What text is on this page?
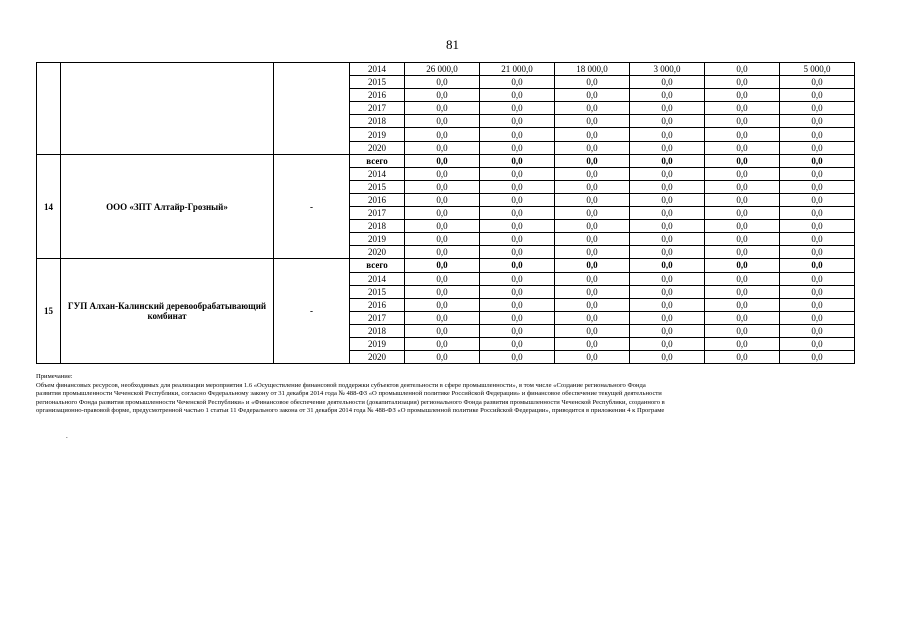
81
			2014	26 000,0	21 000,0	18 000,0	3 000,0	0,0	5 000,0
			2015	0,0	0,0	0,0	0,0	0,0	0,0
			2016	0,0	0,0	0,0	0,0	0,0	0,0
			2017	0,0	0,0	0,0	0,0	0,0	0,0
			2018	0,0	0,0	0,0	0,0	0,0	0,0
			2019	0,0	0,0	0,0	0,0	0,0	0,0
			2020	0,0	0,0	0,0	0,0	0,0	0,0
14	ООО «ЗПТ Алтайр-Грозный»	-	всего	0,0	0,0	0,0	0,0	0,0	0,0
			2014	0,0	0,0	0,0	0,0	0,0	0,0
			2015	0,0	0,0	0,0	0,0	0,0	0,0
			2016	0,0	0,0	0,0	0,0	0,0	0,0
			2017	0,0	0,0	0,0	0,0	0,0	0,0
			2018	0,0	0,0	0,0	0,0	0,0	0,0
			2019	0,0	0,0	0,0	0,0	0,0	0,0
			2020	0,0	0,0	0,0	0,0	0,0	0,0
15	ГУП Алхан-Калинский деревообрабатывающий комбинат	-	всего	0,0	0,0	0,0	0,0	0,0	0,0
			2014	0,0	0,0	0,0	0,0	0,0	0,0
			2015	0,0	0,0	0,0	0,0	0,0	0,0
			2016	0,0	0,0	0,0	0,0	0,0	0,0
			2017	0,0	0,0	0,0	0,0	0,0	0,0
			2018	0,0	0,0	0,0	0,0	0,0	0,0
			2019	0,0	0,0	0,0	0,0	0,0	0,0
			2020	0,0	0,0	0,0	0,0	0,0	0,0
Примечание:
Объем финансовых ресурсов, необходимых для реализации мероприятия 1.6 «Осуществление финансовой поддержки субъектов деятельности в сфере промышленности», в том числе «Создание регионального Фонда
развития промышленности Чеченской Республики, согласно Федеральному закону от 31 декабря 2014 года № 488-ФЗ «О промышленной политике Российской Федерации» и финансовое обеспечение текущей деятельности
регионального Фонда развития промышленности Чеченской Республики» и «Финансовое обеспечение деятельности (докапитализация) регионального Фонда развития промышленности Чеченской Республики, созданного в
организационно-правовой форме, предусмотренной частью 1 статьи 11 Федерального закона от 31 декабря 2014 года № 488-ФЗ «О промышленной политике Российской Федерации», приводится в приложении 4 к Програме
.
